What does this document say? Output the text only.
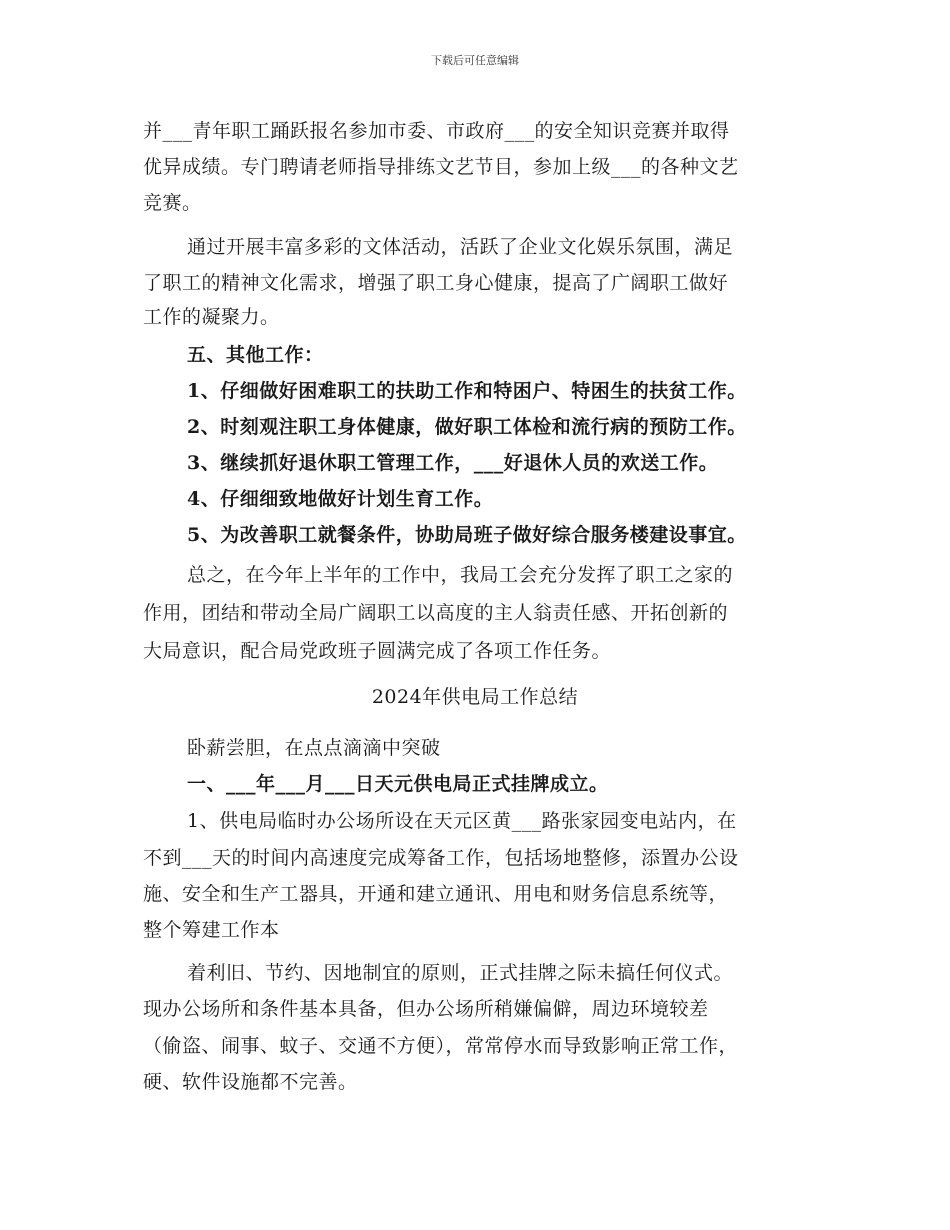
下载后可任意编辑
并___青年职工踊跃报名参加市委、市政府___的安全知识竞赛并取得
优异成绩。专门聘请老师指导排练文艺节目，参加上级___的各种文艺
竞赛。
通过开展丰富多彩的文体活动，活跃了企业文化娱乐氛围，满足
了职工的精神文化需求，增强了职工身心健康，提高了广阔职工做好
工作的凝聚力。
五、其他工作：
1、仔细做好困难职工的扶助工作和特困户、特困生的扶贫工作。
2、时刻观注职工身体健康，做好职工体检和流行病的预防工作。
3、继续抓好退休职工管理工作，___好退休人员的欢送工作。
4、仔细细致地做好计划生育工作。
5、为改善职工就餐条件，协助局班子做好综合服务楼建设事宜。
总之，在今年上半年的工作中，我局工会充分发挥了职工之家的
作用，团结和带动全局广阔职工以高度的主人翁责任感、开拓创新的
大局意识，配合局党政班子圆满完成了各项工作任务。
2024年供电局工作总结
卧薪尝胆，在点点滴滴中突破
一、___年___月___日天元供电局正式挂牌成立。
1、供电局临时办公场所设在天元区黄___路张家园变电站内，在
不到___天的时间内高速度完成筹备工作，包括场地整修，添置办公设
施、安全和生产工器具，开通和建立通讯、用电和财务信息系统等，
整个筹建工作本
着利旧、节约、因地制宜的原则，正式挂牌之际未搞任何仪式。
现办公场所和条件基本具备，但办公场所稍嫌偏僻，周边环境较差
（偷盗、闹事、蚊子、交通不方便），常常停水而导致影响正常工作，
硬、软件设施都不完善。
